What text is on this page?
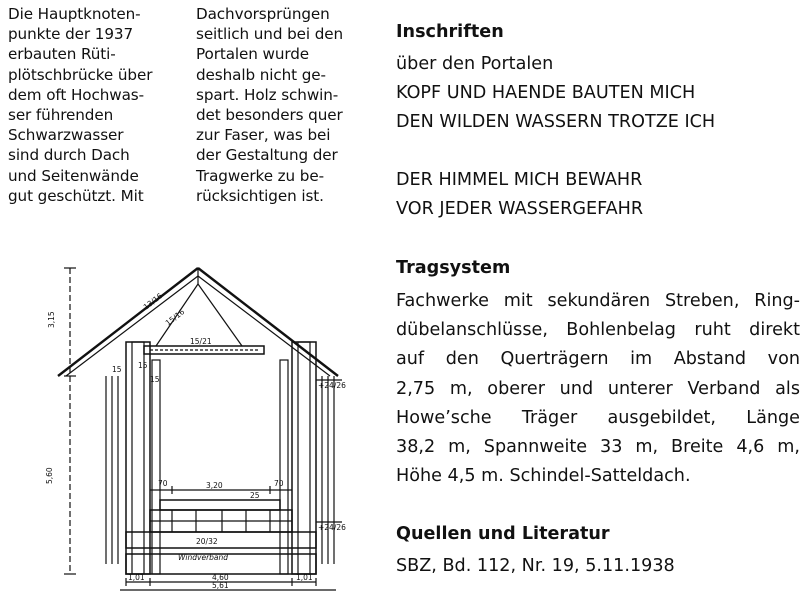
Die Hauptknoten-
punkte der 1937
erbauten Rüti-
plötschbrücke über
dem oft Hochwas-
ser führenden
Schwarzwasser
sind durch Dach
und Seitenwände
gut geschützt. Mit
Dachvorsprüngen
seitlich und bei den
Portalen wurde
deshalb nicht ge-
spart. Holz schwin-
det besonders quer
zur Faser, was bei
der Gestaltung der
Tragwerke zu be-
rücksichtigen ist.
Inschriften
über den Portalen
KOPF UND HAENDE BAUTEN MICH
DEN WILDEN WASSERN TROTZE ICH

DER HIMMEL MICH BEWAHR
VOR JEDER WASSERGEFAHR
Tragsystem
Fachwerke mit sekundären Streben, Ring-
dübelanschlüsse, Bohlenbelag ruht direkt
auf den Querträgern im Abstand von
2,75 m, oberer und unterer Verband als
Howe’sche Träger ausgebildet, Länge
38,2 m, Spannweite 33 m, Breite 4,6 m,
Höhe 4,5 m. Schindel-Satteldach.
Quellen und Literatur
SBZ, Bd. 112, Nr. 19, 5.11.1938
5,60
3,15
13/16
15/16
15/21
15 15
15
+24/26
+24/26
3,20
70	70
25
20/32
Windverband
1,01	4,60	1,01
5,61
